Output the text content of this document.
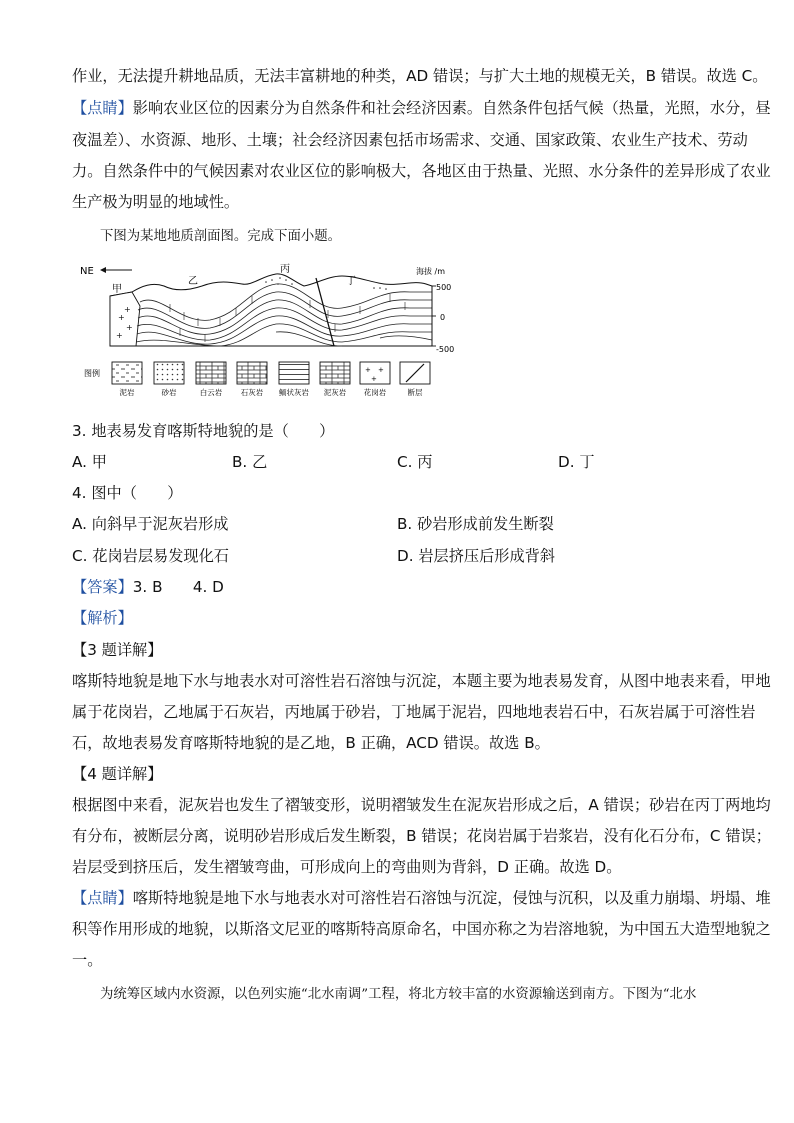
作业，无法提升耕地品质，无法丰富耕地的种类，AD 错误；与扩大土地的规模无关，B 错误。故选 C。
【点睛】影响农业区位的因素分为自然条件和社会经济因素。自然条件包括气候（热量，光照，水分，昼
夜温差）、水资源、地形、土壤；社会经济因素包括市场需求、交通、国家政策、农业生产技术、劳动
力。自然条件中的气候因素对农业区位的影响极大，各地区由于热量、光照、水分条件的差异形成了农业
生产极为明显的地域性。
下图为某地地质剖面图。完成下面小题。
NE
+
+
+
+
甲
乙
丙
丁
海拔 /m
500
0
-500
图例	+ +
+
泥岩	砂岩	白云岩 石灰岩 鲕状灰岩 泥灰岩 花岗岩	断层
3. 地表易发育喀斯特地貌的是（　　）
A. 甲	B. 乙	C. 丙	D. 丁
4. 图中（　　）
A. 向斜早于泥灰岩形成	B. 砂岩形成前发生断裂
C. 花岗岩层易发现化石	D. 岩层挤压后形成背斜
【答案】3. B　　4. D
【解析】
【3 题详解】
喀斯特地貌是地下水与地表水对可溶性岩石溶蚀与沉淀，本题主要为地表易发育，从图中地表来看，甲地
属于花岗岩，乙地属于石灰岩，丙地属于砂岩，丁地属于泥岩，四地地表岩石中，石灰岩属于可溶性岩
石，故地表易发育喀斯特地貌的是乙地，B 正确，ACD 错误。故选 B。
【4 题详解】
根据图中来看，泥灰岩也发生了褶皱变形，说明褶皱发生在泥灰岩形成之后，A 错误；砂岩在丙丁两地均
有分布，被断层分离，说明砂岩形成后发生断裂，B 错误；花岗岩属于岩浆岩，没有化石分布，C 错误；
岩层受到挤压后，发生褶皱弯曲，可形成向上的弯曲则为背斜，D 正确。故选 D。
【点睛】喀斯特地貌是地下水与地表水对可溶性岩石溶蚀与沉淀，侵蚀与沉积，以及重力崩塌、坍塌、堆
积等作用形成的地貌，以斯洛文尼亚的喀斯特高原命名，中国亦称之为岩溶地貌，为中国五大造型地貌之
一。
为统筹区域内水资源，以色列实施“北水南调”工程，将北方较丰富的水资源输送到南方。下图为“北水
